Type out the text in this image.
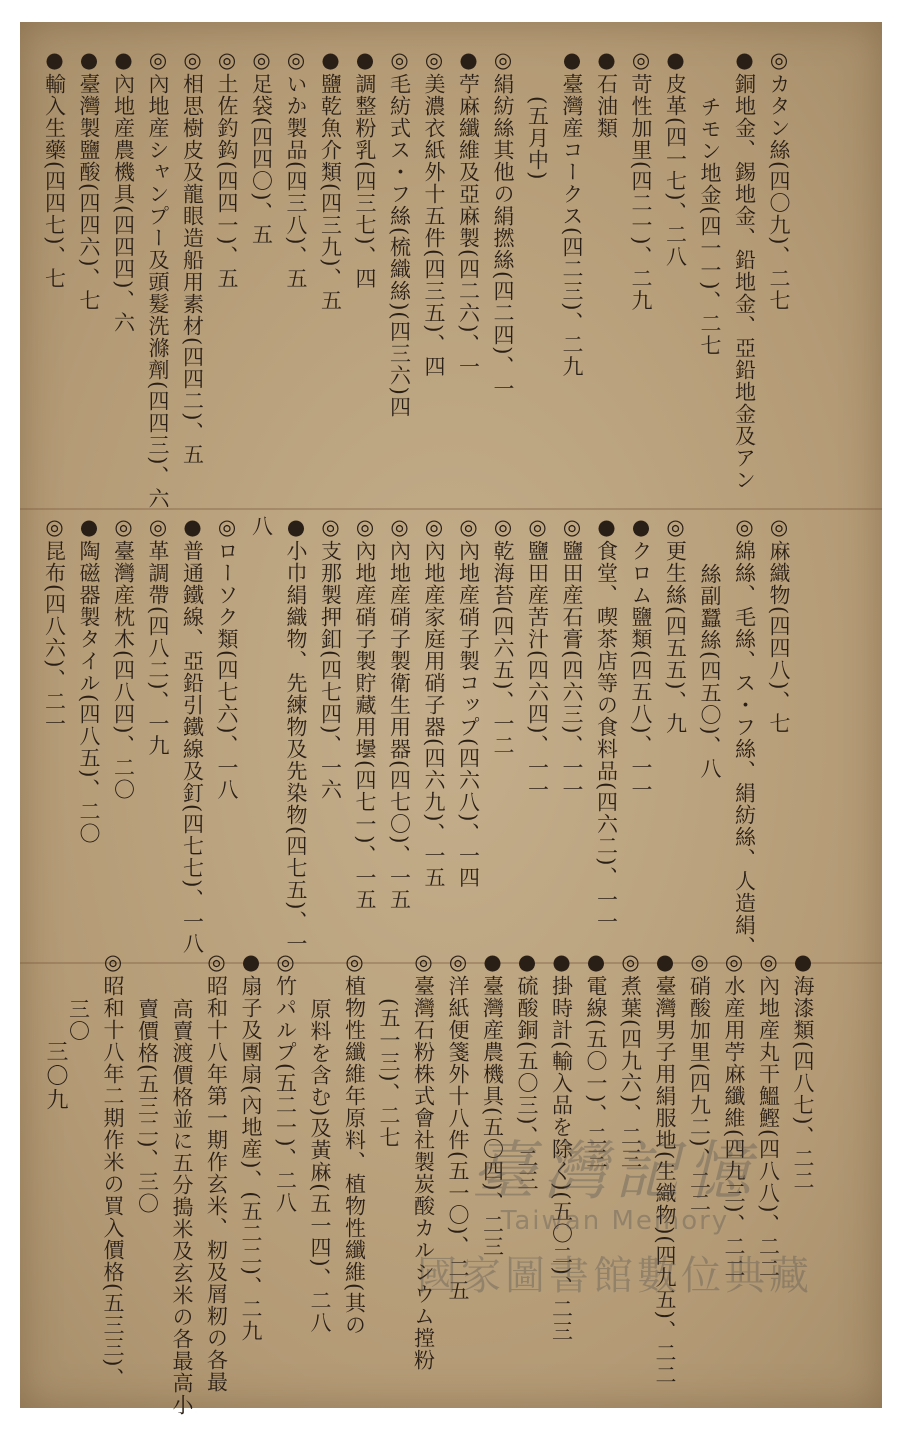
◎カタン絲(四〇九)、二七
●銅地金、錫地金、鉛地金、亞鉛地金及アン
チモン地金(四一一)、二七
●皮革(四一七)、二八
◎苛性加里(四二一)、二九
●石油類
●臺灣産コークス(四二三)、二九
(五月中)
◎絹紡絲其他の絹撚絲(四二四)、一
●苧麻纖維及亞麻製(四二六)、一
◎美濃衣紙外十五件(四三五)、四
◎毛紡式ス・フ絲(梳織絲)(四三六)四
●調整粉乳(四三七)、四
●鹽乾魚介類(四三九)、五
◎いか製品(四三八)、五
◎足袋(四四〇)、五
◎土佐釣鈎(四四一)、五
◎相思樹皮及龍眼造船用素材(四四二)、五
◎內地産シャンプー及頭髮洗滌劑(四四三)、六
●內地産農機具(四四四)、六
●臺灣製鹽酸(四四六)、七
●輸入生藥(四四七)、七
◎麻織物(四四八)、七
◎綿絲、毛絲、ス・フ絲、絹紡絲、人造絹、
絲副蠶絲(四五〇)、八
◎更生絲(四五五)、九
●クロム鹽類(四五八)、一一
●食堂、喫茶店等の食料品(四六二)、一一
◎鹽田産石膏(四六三)、一一
◎鹽田産苦汁(四六四)、一一
◎乾海苔(四六五)、一二
◎內地産硝子製コップ(四六八)、一四
◎內地産家庭用硝子器(四六九)、一五
◎內地産硝子製衛生用器(四七〇)、一五
◎內地産硝子製貯藏用壜(四七一)、一五
◎支那製押釦(四七四)、一六
●小巾絹織物、先練物及先染物(四七五)、一
八
◎ローソク類(四七六)、一八
●普通鐵線、亞鉛引鐵線及釘(四七七)、一八
◎革調帶(四八二)、一九
◎臺灣産枕木(四八四)、二〇
●陶磁器製タイル(四八五)、二〇
◎昆布(四八六)、二一
●海漆類(四八七)、二二
◎內地産丸干鰮鰹(四八八)、二二
◎水産用苧麻纖維(四九三)、二二
◎硝酸加里(四九二)、二二
●臺灣男子用絹服地(生織物)(四九五)、二二
◎煮葉(四九六)、二三
●電線(五〇一)、二三
●掛時計(輸入品を除く)(五〇二)、二三
●硫酸銅(五〇三)、二三
●臺灣産農機具(五〇四)、二三
◎洋紙便箋外十八件(五一〇)、二五
◎臺灣石粉株式會社製炭酸カルシウム摚粉
(五一三)、二七
◎植物性纖維年原料、植物性纖維(其の
原料を含む)及黃麻(五一四)、二八
◎竹パルプ(五二一)、二八
●扇子及團扇(內地産)、(五二二)、二九
◎昭和十八年第一期作玄米、籾及屑籾の各最
高賣渡價格並に五分搗米及玄米の各最高小
賣價格(五三二)、三〇
◎昭和十八年二期作米の買入價格(五三三)、
三〇
三〇九
臺灣記憶
Taiwan Memory
國家圖書館數位典藏
